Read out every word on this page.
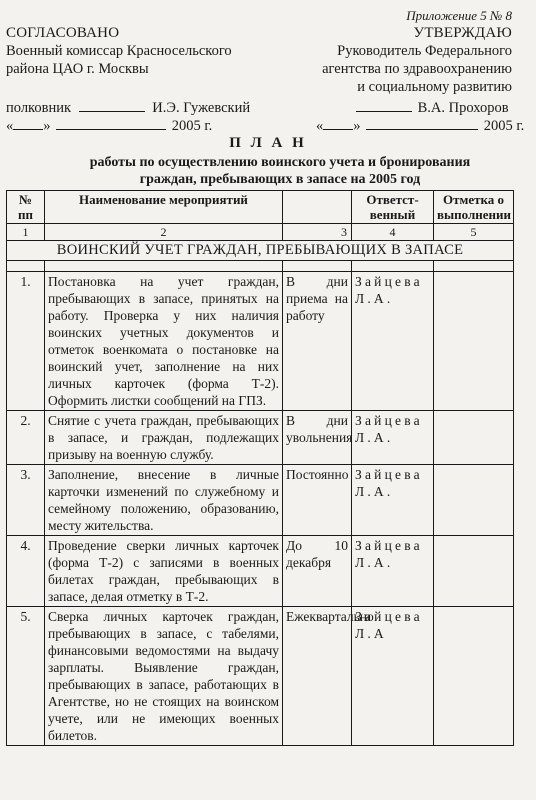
Приложение 5 № 8
СОГЛАСОВАНО
Военный комиссар Красносельского
района ЦАО г. Москвы
УТВЕРЖДАЮ
Руководитель Федерального
агентства по здравоохранению
и социальному развитию
полковник	И.Э. Гужевский
« »	2005 г.
В.А. Прохоров
« »	2005 г.
П Л А Н
работы по осуществлению воинского учета и бронирования
граждан, пребывающих в запасе на 2005 год
№ пп	Наименование мероприятий		Ответст-венный	Отметка о выполнении
1	2	3	4	5
ВОИНСКИЙ УЧЕТ ГРАЖДАН, ПРЕБЫВАЮЩИХ В ЗАПАСЕ				

1.	Постановка на учет граждан, пребывающих в запасе, принятых на работу. Проверка у них наличия воинских учетных документов и отметок военкомата о постановке на воинский учет, заполнение на них личных карточек (форма Т-2). Оформить листки сообщений на ГПЗ.	В дни приема на работу	Зайцева Л.А.	
2.	Снятие с учета граждан, пребывающих в запасе, и граждан, подлежащих призыву на военную службу.	В дни увольнения	Зайцева Л.А.	
3.	Заполнение, внесение в личные карточки изменений по служебному и семейному положению, образованию, месту жительства.	Постоянно	Зайцева Л.А.	
4.	Проведение сверки личных карточек (форма Т-2) с записями в военных билетах граждан, пребывающих в запасе, делая отметку в Т-2.	До 10 декабря	Зайцева Л.А.	
5.	Сверка личных карточек граждан, пребывающих в запасе, с табелями, финансовыми ведомостями на выдачу зарплаты. Выявление граждан, пребывающих в запасе, работающих в Агентстве, но не стоящих на воинском учете, или не имеющих военных билетов.	Ежеквартально	Зайцева Л.А	
